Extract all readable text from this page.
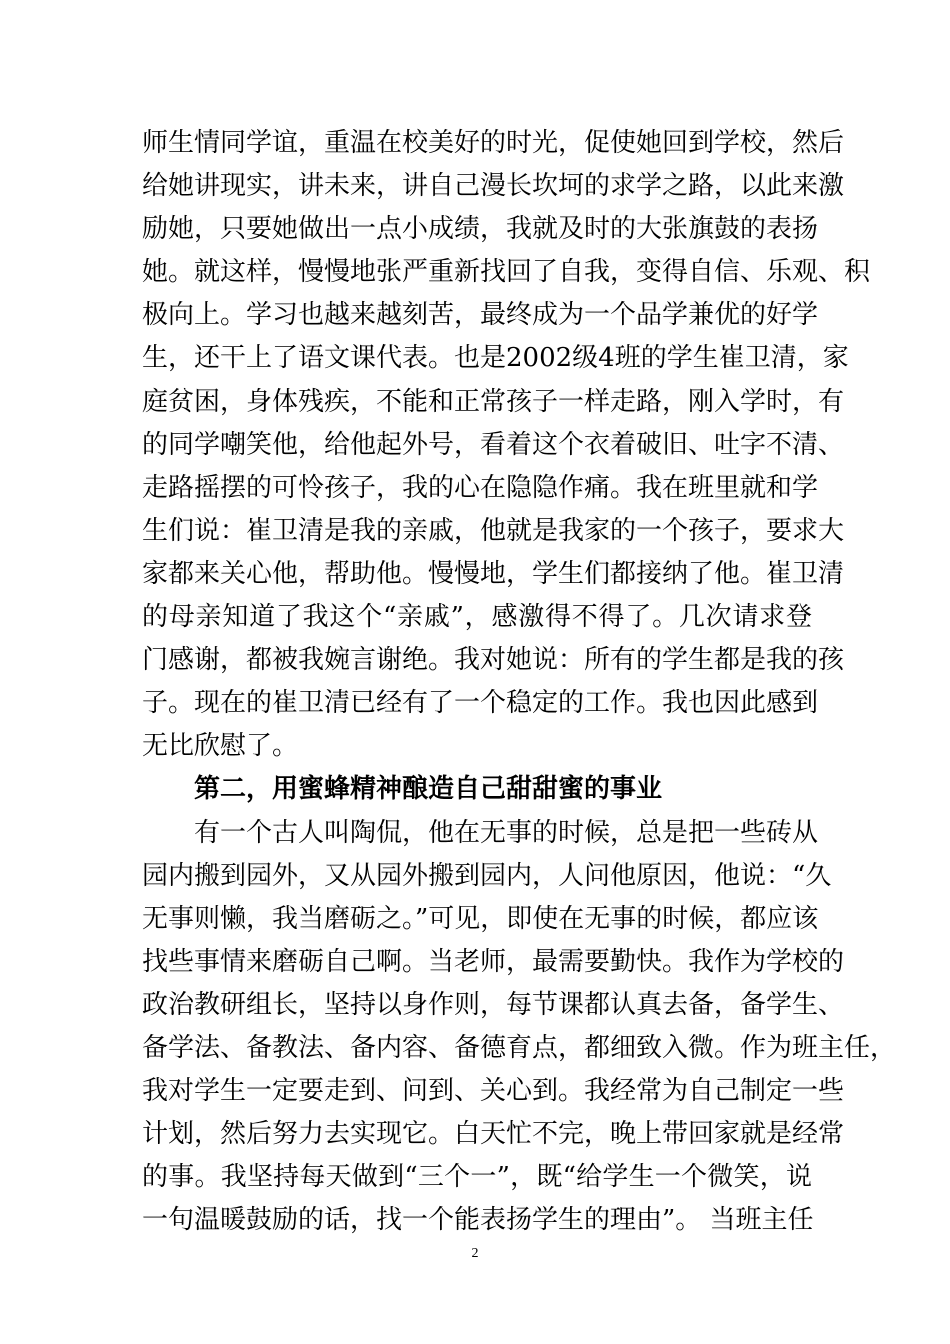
师生情同学谊，重温在校美好的时光，促使她回到学校，然后
给她讲现实，讲未来，讲自己漫长坎坷的求学之路，以此来激
励她，只要她做出一点小成绩，我就及时的大张旗鼓的表扬
她。就这样，慢慢地张严重新找回了自我，变得自信、乐观、积
极向上。学习也越来越刻苦，最终成为一个品学兼优的好学
生，还干上了语文课代表。也是2002级4班的学生崔卫清，家
庭贫困，身体残疾，不能和正常孩子一样走路，刚入学时，有
的同学嘲笑他，给他起外号，看着这个衣着破旧、吐字不清、
走路摇摆的可怜孩子，我的心在隐隐作痛。我在班里就和学
生们说：崔卫清是我的亲戚，他就是我家的一个孩子，要求大
家都来关心他，帮助他。慢慢地，学生们都接纳了他。崔卫清
的母亲知道了我这个“亲戚”，感激得不得了。几次请求登
门感谢，都被我婉言谢绝。我对她说：所有的学生都是我的孩
子。现在的崔卫清已经有了一个稳定的工作。我也因此感到
无比欣慰了。
第二，用蜜蜂精神酿造自己甜甜蜜的事业
有一个古人叫陶侃，他在无事的时候，总是把一些砖从
园内搬到园外，又从园外搬到园内，人问他原因，他说：“久
无事则懒，我当磨砺之。”可见，即使在无事的时候，都应该
找些事情来磨砺自己啊。当老师，最需要勤快。我作为学校的
政治教研组长，坚持以身作则，每节课都认真去备，备学生、
备学法、备教法、备内容、备德育点，都细致入微。作为班主任，
我对学生一定要走到、问到、关心到。我经常为自己制定一些
计划，然后努力去实现它。白天忙不完，晚上带回家就是经常
的事。我坚持每天做到“三个一”，既“给学生一个微笑，说
一句温暖鼓励的话，找一个能表扬学生的理由”。 当班主任
2
